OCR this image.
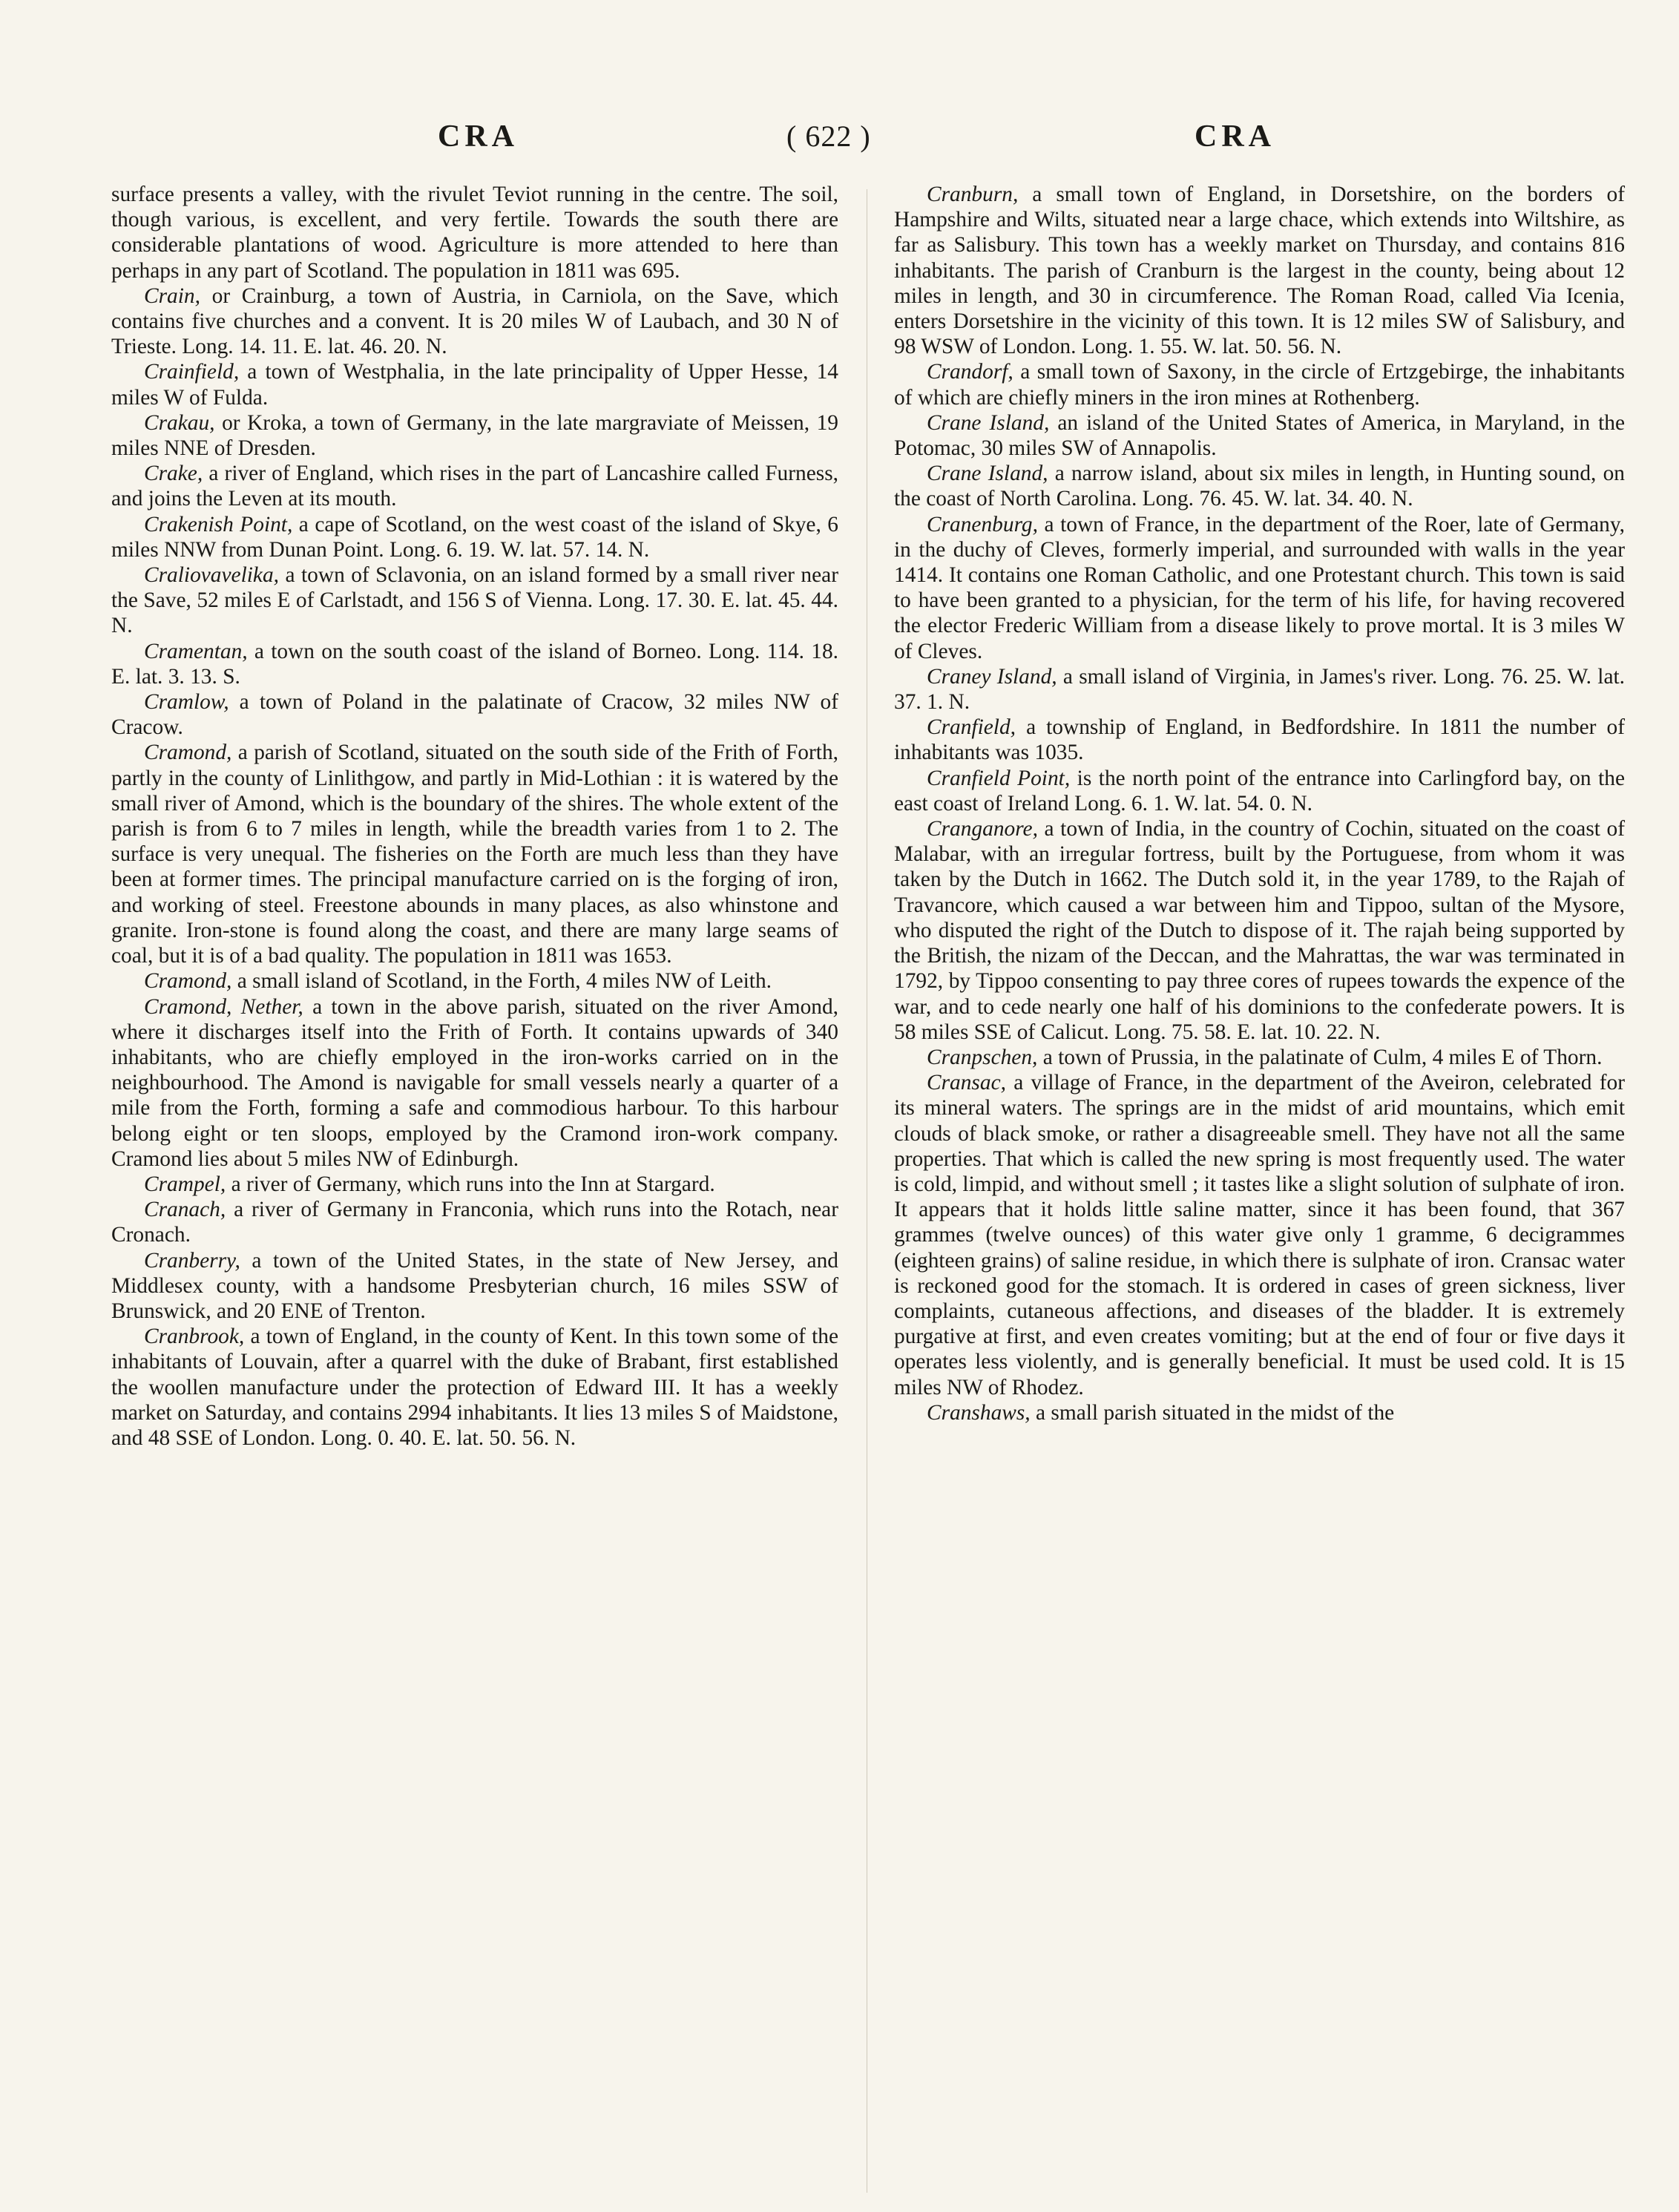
CRA	( 622 )	CRA

surface presents a valley, with the rivulet Teviot running in the centre. The soil, though various, is excellent, and very fertile. Towards the south there are considerable plantations of wood. Agriculture is more attended to here than perhaps in any part of Scotland. The population in 1811 was 695.

Crain, or Crainburg, a town of Austria, in Carniola, on the Save, which contains five churches and a convent. It is 20 miles W of Laubach, and 30 N of Trieste. Long. 14. 11. E. lat. 46. 20. N.

Crainfield, a town of Westphalia, in the late principality of Upper Hesse, 14 miles W of Fulda.

Crakau, or Kroka, a town of Germany, in the late margraviate of Meissen, 19 miles NNE of Dresden.

Crake, a river of England, which rises in the part of Lancashire called Furness, and joins the Leven at its mouth.

Crakenish Point, a cape of Scotland, on the west coast of the island of Skye, 6 miles NNW from Dunan Point. Long. 6. 19. W. lat. 57. 14. N.

Craliovavelika, a town of Sclavonia, on an island formed by a small river near the Save, 52 miles E of Carlstadt, and 156 S of Vienna. Long. 17. 30. E. lat. 45. 44. N.

Cramentan, a town on the south coast of the island of Borneo. Long. 114. 18. E. lat. 3. 13. S.

Cramlow, a town of Poland in the palatinate of Cracow, 32 miles NW of Cracow.

Cramond, a parish of Scotland, situated on the south side of the Frith of Forth, partly in the county of Linlithgow, and partly in Mid-Lothian : it is watered by the small river of Amond, which is the boundary of the shires. The whole extent of the parish is from 6 to 7 miles in length, while the breadth varies from 1 to 2. The surface is very unequal. The fisheries on the Forth are much less than they have been at former times. The principal manufacture carried on is the forging of iron, and working of steel. Freestone abounds in many places, as also whinstone and granite. Iron-stone is found along the coast, and there are many large seams of coal, but it is of a bad quality. The population in 1811 was 1653.

Cramond, a small island of Scotland, in the Forth, 4 miles NW of Leith.

Cramond, Nether, a town in the above parish, situated on the river Amond, where it discharges itself into the Frith of Forth. It contains upwards of 340 inhabitants, who are chiefly employed in the iron-works carried on in the neighbourhood. The Amond is navigable for small vessels nearly a quarter of a mile from the Forth, forming a safe and commodious harbour. To this harbour belong eight or ten sloops, employed by the Cramond iron-work company. Cramond lies about 5 miles NW of Edinburgh.

Crampel, a river of Germany, which runs into the Inn at Stargard.

Cranach, a river of Germany in Franconia, which runs into the Rotach, near Cronach.

Cranberry, a town of the United States, in the state of New Jersey, and Middlesex county, with a handsome Presbyterian church, 16 miles SSW of Brunswick, and 20 ENE of Trenton.

Cranbrook, a town of England, in the county of Kent. In this town some of the inhabitants of Louvain, after a quarrel with the duke of Brabant, first established the woollen manufacture under the protection of Edward III. It has a weekly market on Saturday, and contains 2994 inhabitants. It lies 13 miles S of Maidstone, and 48 SSE of London. Long. 0. 40. E. lat. 50. 56. N.

Cranburn, a small town of England, in Dorsetshire, on the borders of Hampshire and Wilts, situated near a large chace, which extends into Wiltshire, as far as Salisbury. This town has a weekly market on Thursday, and contains 816 inhabitants. The parish of Cranburn is the largest in the county, being about 12 miles in length, and 30 in circumference. The Roman Road, called Via Icenia, enters Dorsetshire in the vicinity of this town. It is 12 miles SW of Salisbury, and 98 WSW of London. Long. 1. 55. W. lat. 50. 56. N.

Crandorf, a small town of Saxony, in the circle of Ertzgebirge, the inhabitants of which are chiefly miners in the iron mines at Rothenberg.

Crane Island, an island of the United States of America, in Maryland, in the Potomac, 30 miles SW of Annapolis.

Crane Island, a narrow island, about six miles in length, in Hunting sound, on the coast of North Carolina. Long. 76. 45. W. lat. 34. 40. N.

Cranenburg, a town of France, in the department of the Roer, late of Germany, in the duchy of Cleves, formerly imperial, and surrounded with walls in the year 1414. It contains one Roman Catholic, and one Protestant church. This town is said to have been granted to a physician, for the term of his life, for having recovered the elector Frederic William from a disease likely to prove mortal. It is 3 miles W of Cleves.

Craney Island, a small island of Virginia, in James's river. Long. 76. 25. W. lat. 37. 1. N.

Cranfield, a township of England, in Bedfordshire. In 1811 the number of inhabitants was 1035.

Cranfield Point, is the north point of the entrance into Carlingford bay, on the east coast of Ireland Long. 6. 1. W. lat. 54. 0. N.

Cranganore, a town of India, in the country of Cochin, situated on the coast of Malabar, with an irregular fortress, built by the Portuguese, from whom it was taken by the Dutch in 1662. The Dutch sold it, in the year 1789, to the Rajah of Travancore, which caused a war between him and Tippoo, sultan of the Mysore, who disputed the right of the Dutch to dispose of it. The rajah being supported by the British, the nizam of the Deccan, and the Mahrattas, the war was terminated in 1792, by Tippoo consenting to pay three cores of rupees towards the expence of the war, and to cede nearly one half of his dominions to the confederate powers. It is 58 miles SSE of Calicut. Long. 75. 58. E. lat. 10. 22. N.

Cranpschen, a town of Prussia, in the palatinate of Culm, 4 miles E of Thorn.

Cransac, a village of France, in the department of the Aveiron, celebrated for its mineral waters. The springs are in the midst of arid mountains, which emit clouds of black smoke, or rather a disagreeable smell. They have not all the same properties. That which is called the new spring is most frequently used. The water is cold, limpid, and without smell ; it tastes like a slight solution of sulphate of iron. It appears that it holds little saline matter, since it has been found, that 367 grammes (twelve ounces) of this water give only 1 gramme, 6 decigrammes (eighteen grains) of saline residue, in which there is sulphate of iron. Cransac water is reckoned good for the stomach. It is ordered in cases of green sickness, liver complaints, cutaneous affections, and diseases of the bladder. It is extremely purgative at first, and even creates vomiting; but at the end of four or five days it operates less violently, and is generally beneficial. It must be used cold. It is 15 miles NW of Rhodez.

Cranshaws, a small parish situated in the midst of the
